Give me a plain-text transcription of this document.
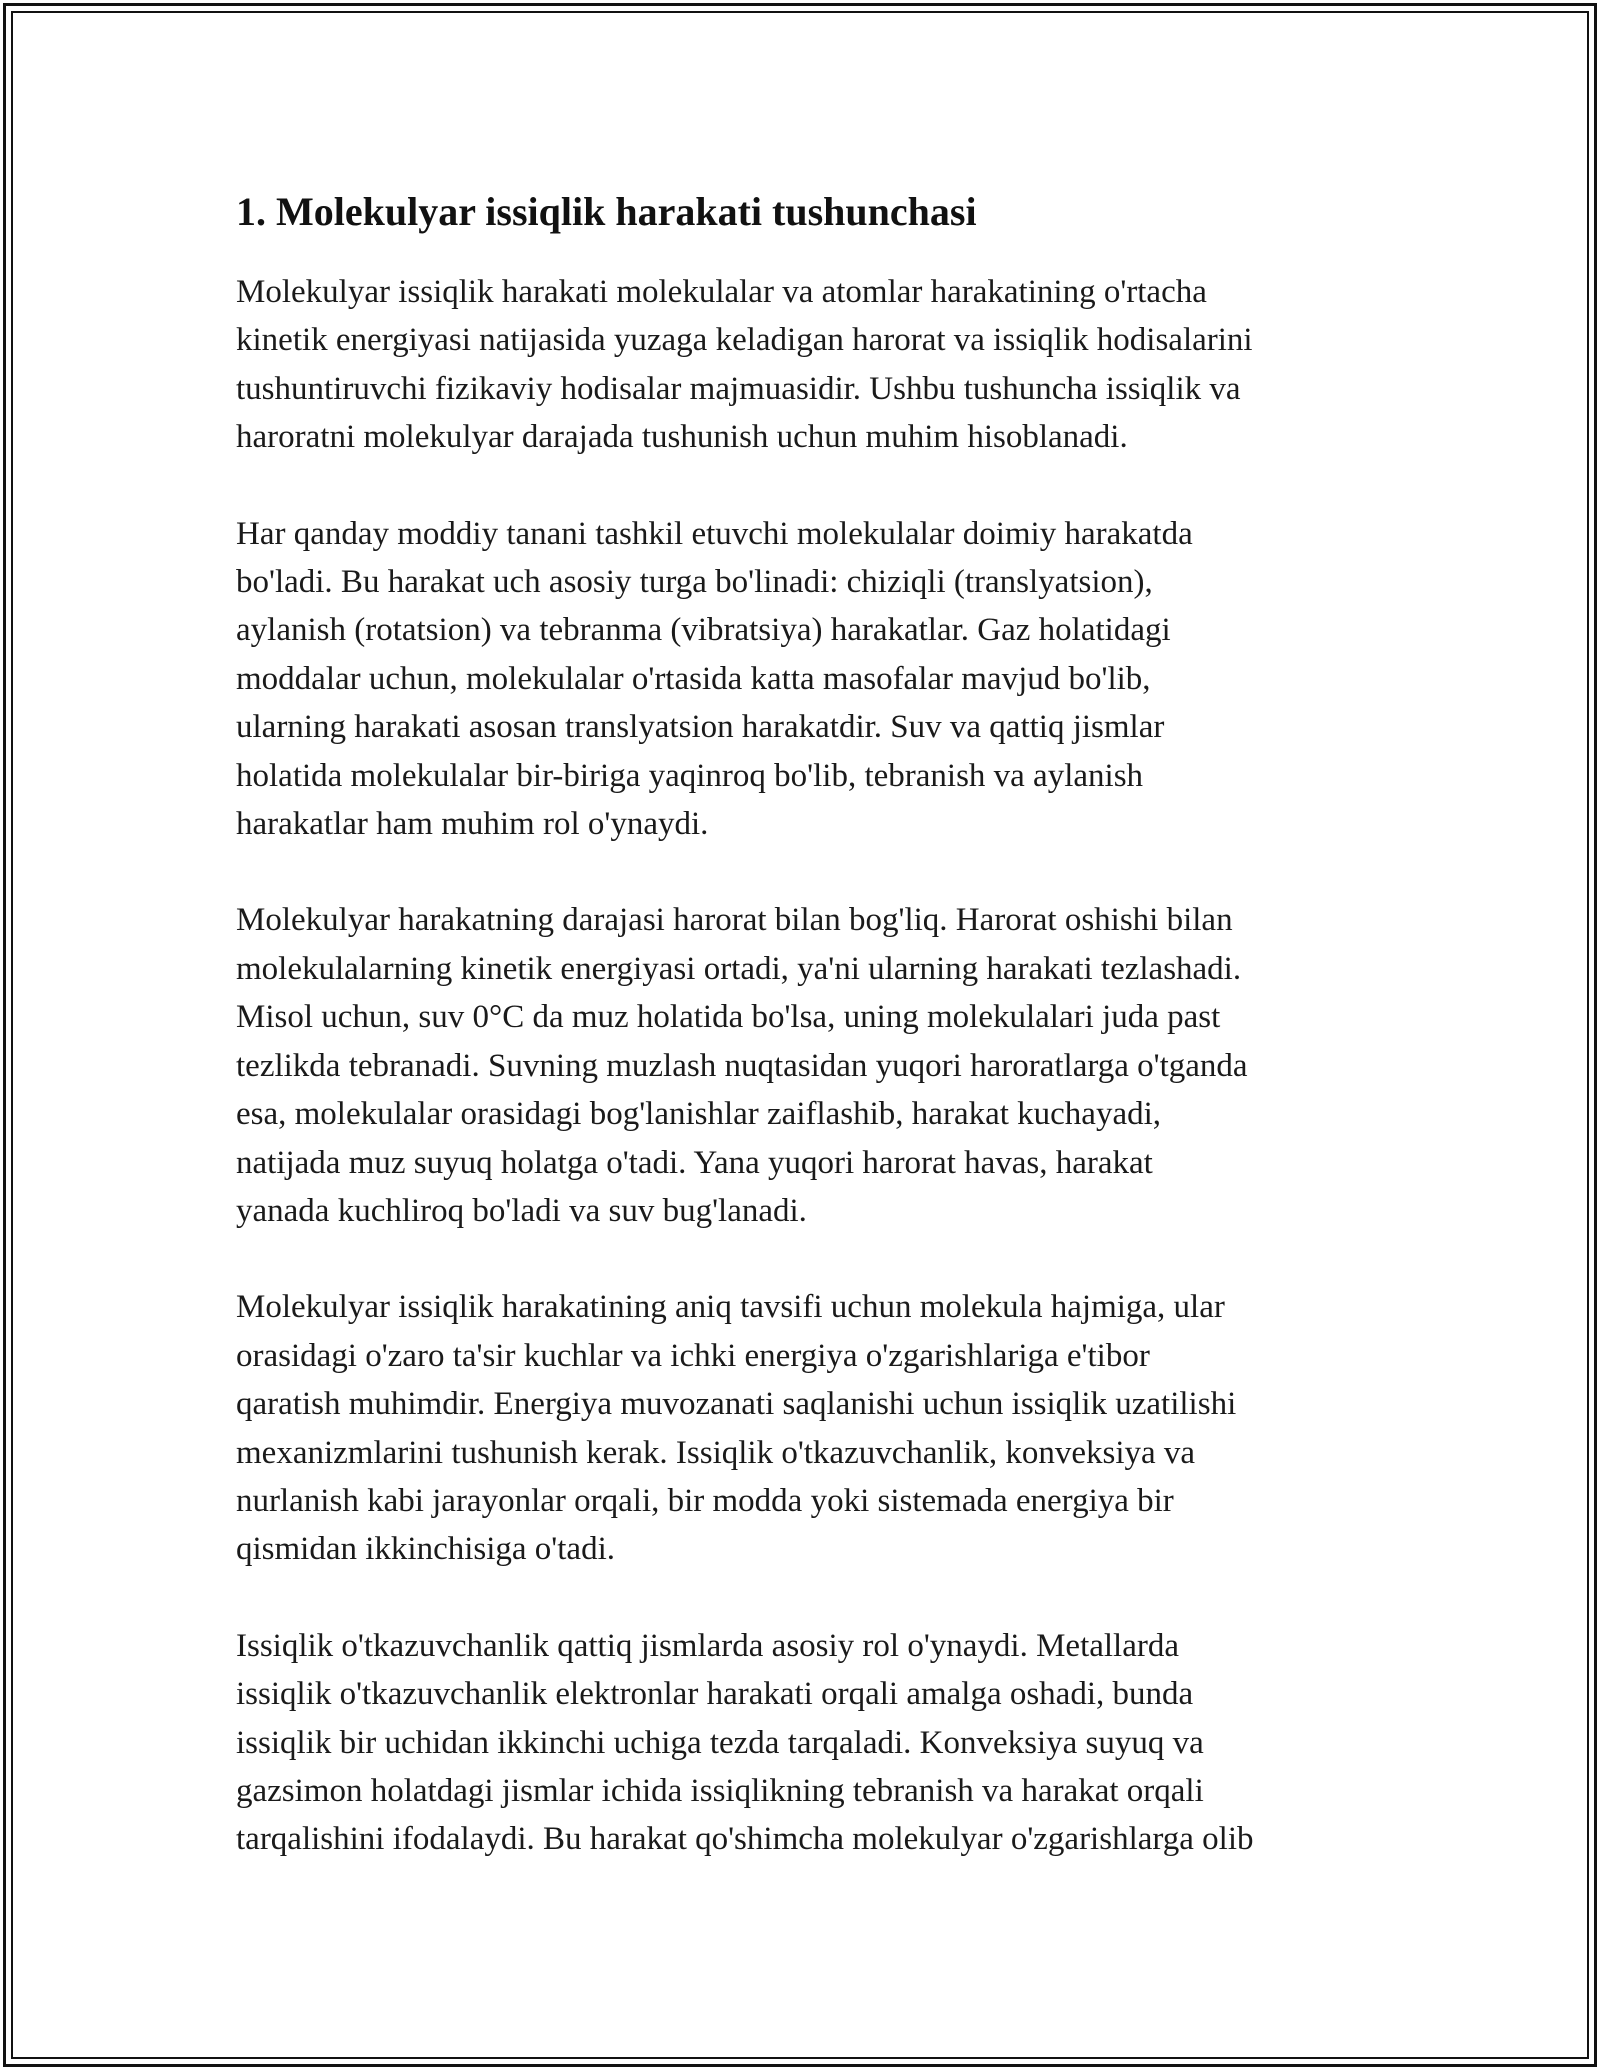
1. Molekulyar issiqlik harakati tushunchasi

Molekulyar issiqlik harakati molekulalar va atomlar harakatining o'rtacha
kinetik energiyasi natijasida yuzaga keladigan harorat va issiqlik hodisalarini
tushuntiruvchi fizikaviy hodisalar majmuasidir. Ushbu tushuncha issiqlik va
haroratni molekulyar darajada tushunish uchun muhim hisoblanadi.

Har qanday moddiy tanani tashkil etuvchi molekulalar doimiy harakatda
bo'ladi. Bu harakat uch asosiy turga bo'linadi: chiziqli (translyatsion),
aylanish (rotatsion) va tebranma (vibratsiya) harakatlar. Gaz holatidagi
moddalar uchun, molekulalar o'rtasida katta masofalar mavjud bo'lib,
ularning harakati asosan translyatsion harakatdir. Suv va qattiq jismlar
holatida molekulalar bir-biriga yaqinroq bo'lib, tebranish va aylanish
harakatlar ham muhim rol o'ynaydi.

Molekulyar harakatning darajasi harorat bilan bog'liq. Harorat oshishi bilan
molekulalarning kinetik energiyasi ortadi, ya'ni ularning harakati tezlashadi.
Misol uchun, suv 0°C da muz holatida bo'lsa, uning molekulalari juda past
tezlikda tebranadi. Suvning muzlash nuqtasidan yuqori haroratlarga o'tganda
esa, molekulalar orasidagi bog'lanishlar zaiflashib, harakat kuchayadi,
natijada muz suyuq holatga o'tadi. Yana yuqori harorat havas, harakat
yanada kuchliroq bo'ladi va suv bug'lanadi.

Molekulyar issiqlik harakatining aniq tavsifi uchun molekula hajmiga, ular
orasidagi o'zaro ta'sir kuchlar va ichki energiya o'zgarishlariga e'tibor
qaratish muhimdir. Energiya muvozanati saqlanishi uchun issiqlik uzatilishi
mexanizmlarini tushunish kerak. Issiqlik o'tkazuvchanlik, konveksiya va
nurlanish kabi jarayonlar orqali, bir modda yoki sistemada energiya bir
qismidan ikkinchisiga o'tadi.

Issiqlik o'tkazuvchanlik qattiq jismlarda asosiy rol o'ynaydi. Metallarda
issiqlik o'tkazuvchanlik elektronlar harakati orqali amalga oshadi, bunda
issiqlik bir uchidan ikkinchi uchiga tezda tarqaladi. Konveksiya suyuq va
gazsimon holatdagi jismlar ichida issiqlikning tebranish va harakat orqali
tarqalishini ifodalaydi. Bu harakat qo'shimcha molekulyar o'zgarishlarga olib
